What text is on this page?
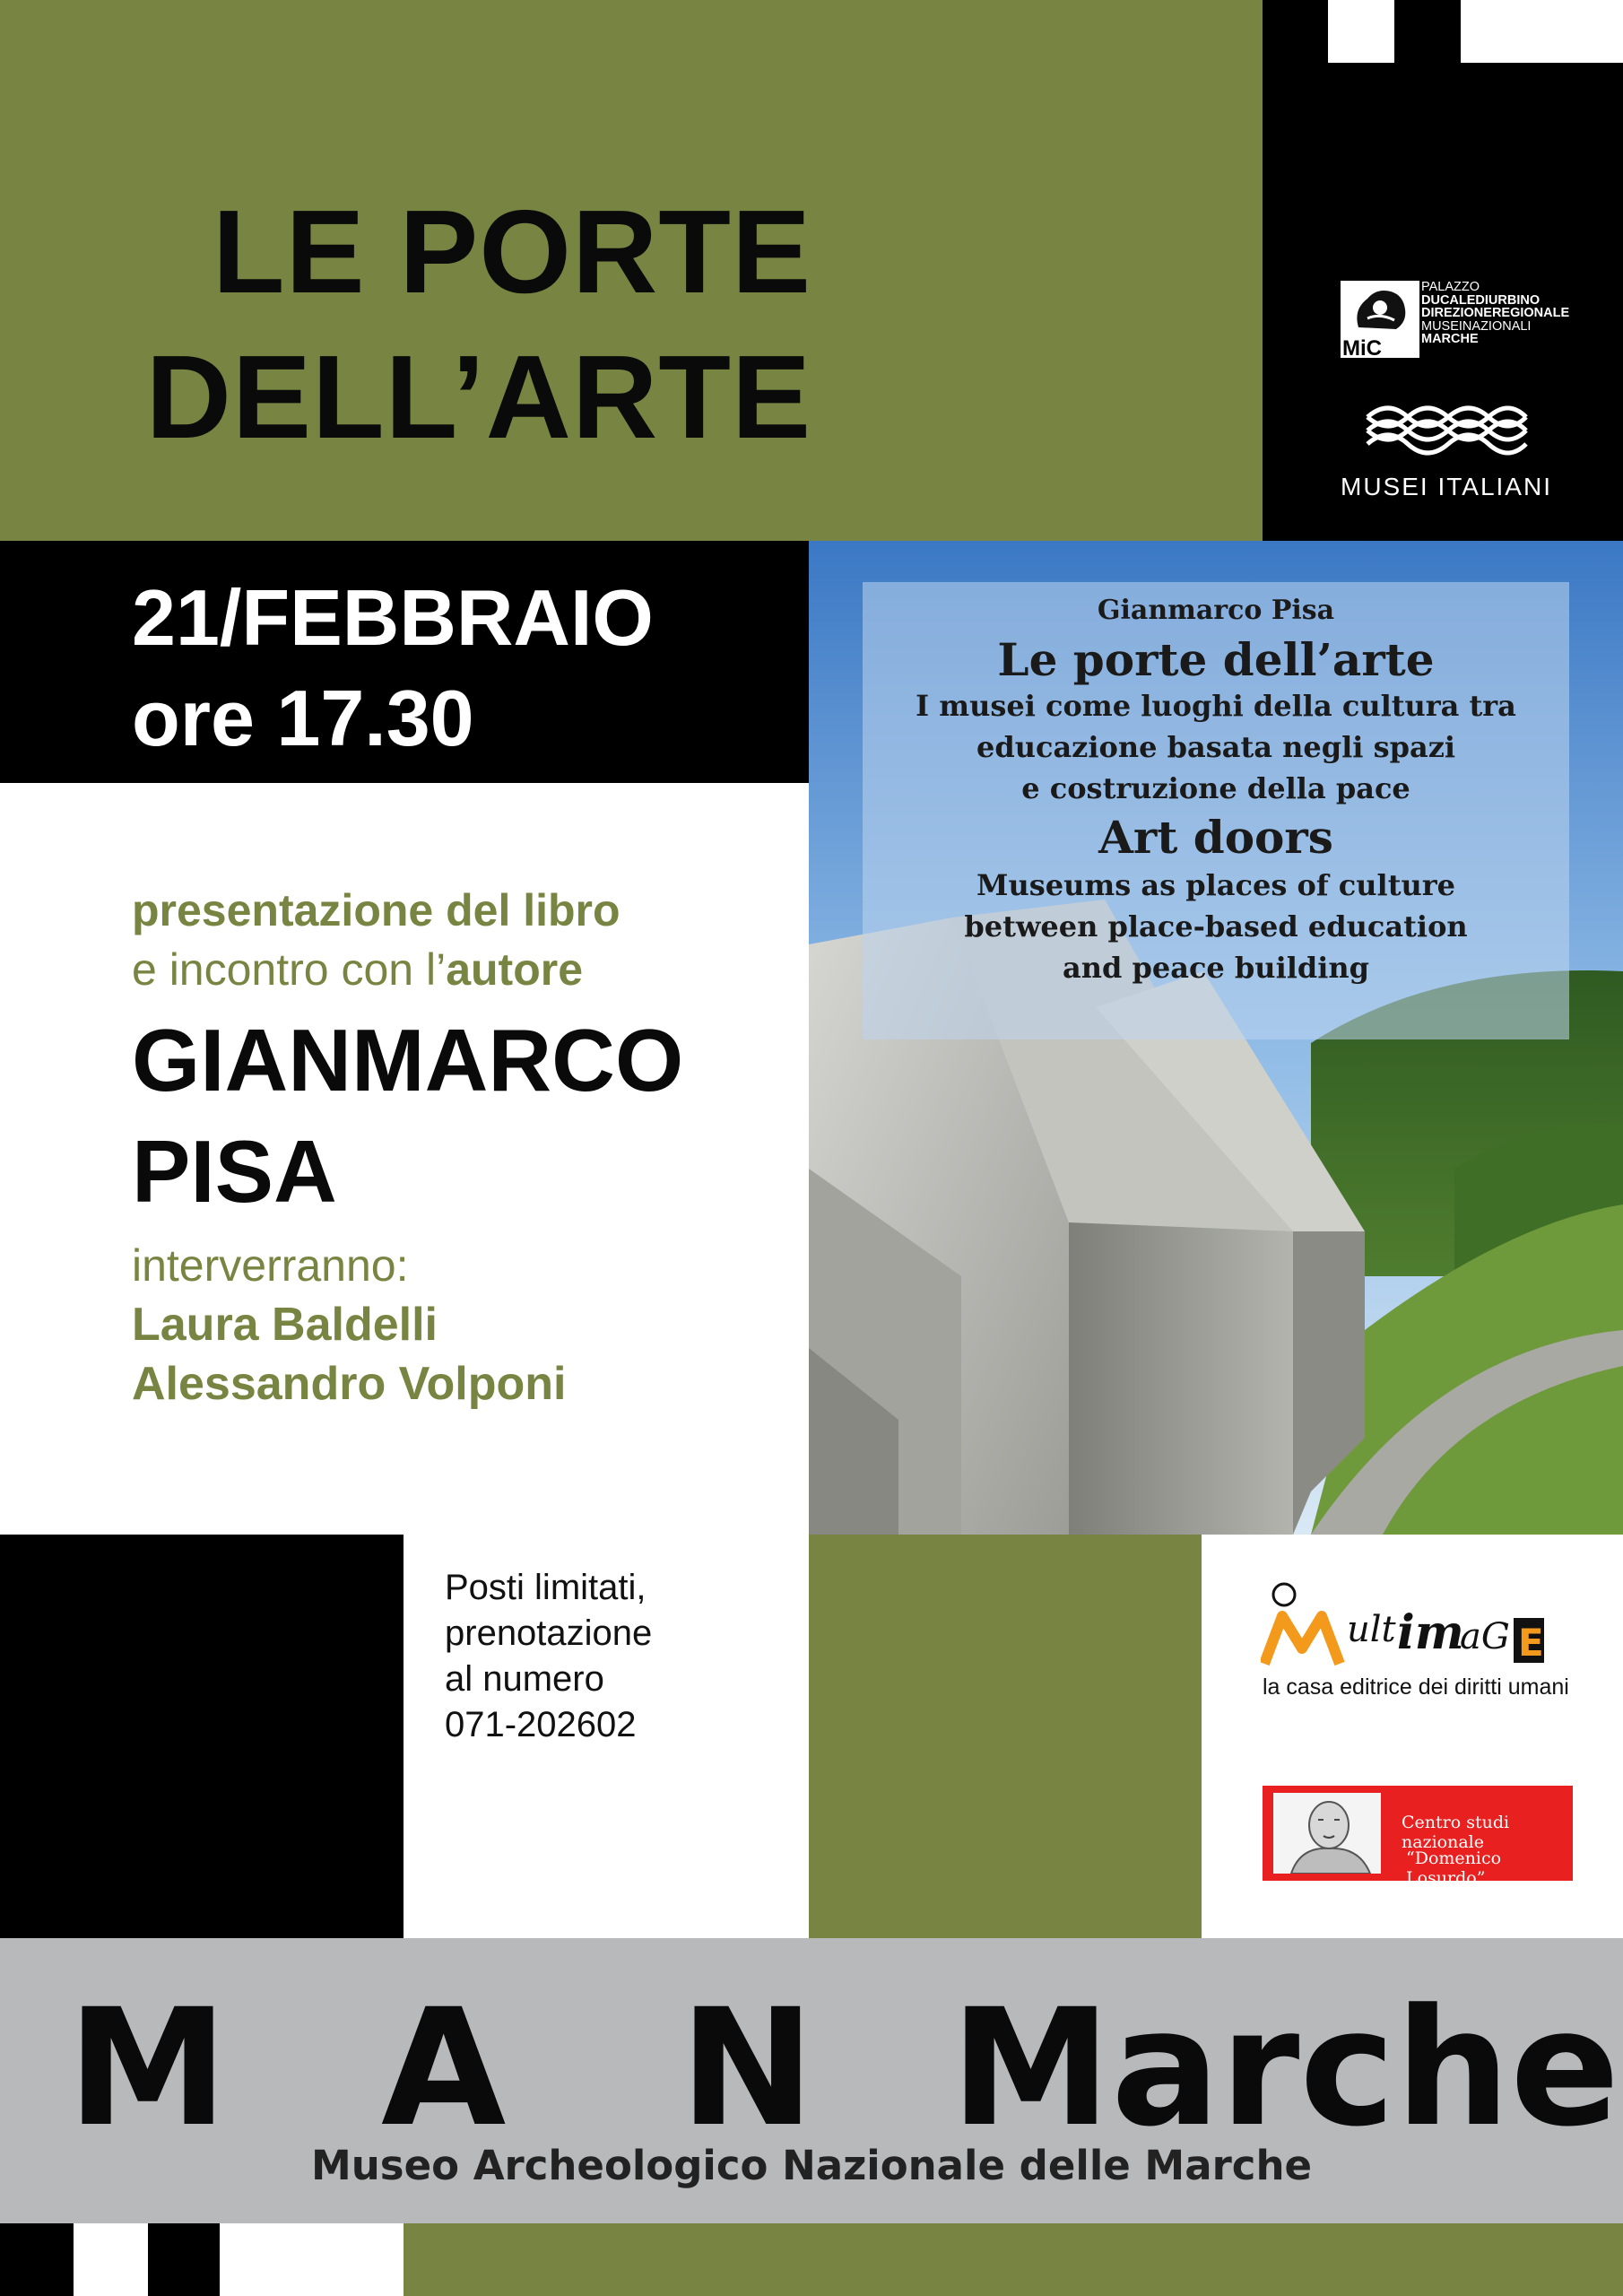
LE PORTE
DELL’ARTE
21/FEBBRAIO
ore 17.30
presentazione del libro
e incontro con l’autore
GIANMARCO
PISA
interverranno:
Laura Baldelli
Alessandro Volponi
Posti limitati,
prenotazione
al numero
071-202602
Gianmarco Pisa
Le porte dell’arte
I musei come luoghi della cultura tra
educazione basata negli spazi
e costruzione della pace
Art doors
Museums as places of culture
between place-based education
and peace building
MiC
PALAZZO
DUCALEDIURBINO
DIREZIONEREGIONALE
MUSEINAZIONALI
MARCHE
MUSEI ITALIANI
ult im
aG E
la casa editrice dei diritti umani
Centro studi nazionale
“Domenico Losurdo”
M A N Marche
Museo Archeologico Nazionale delle Marche
